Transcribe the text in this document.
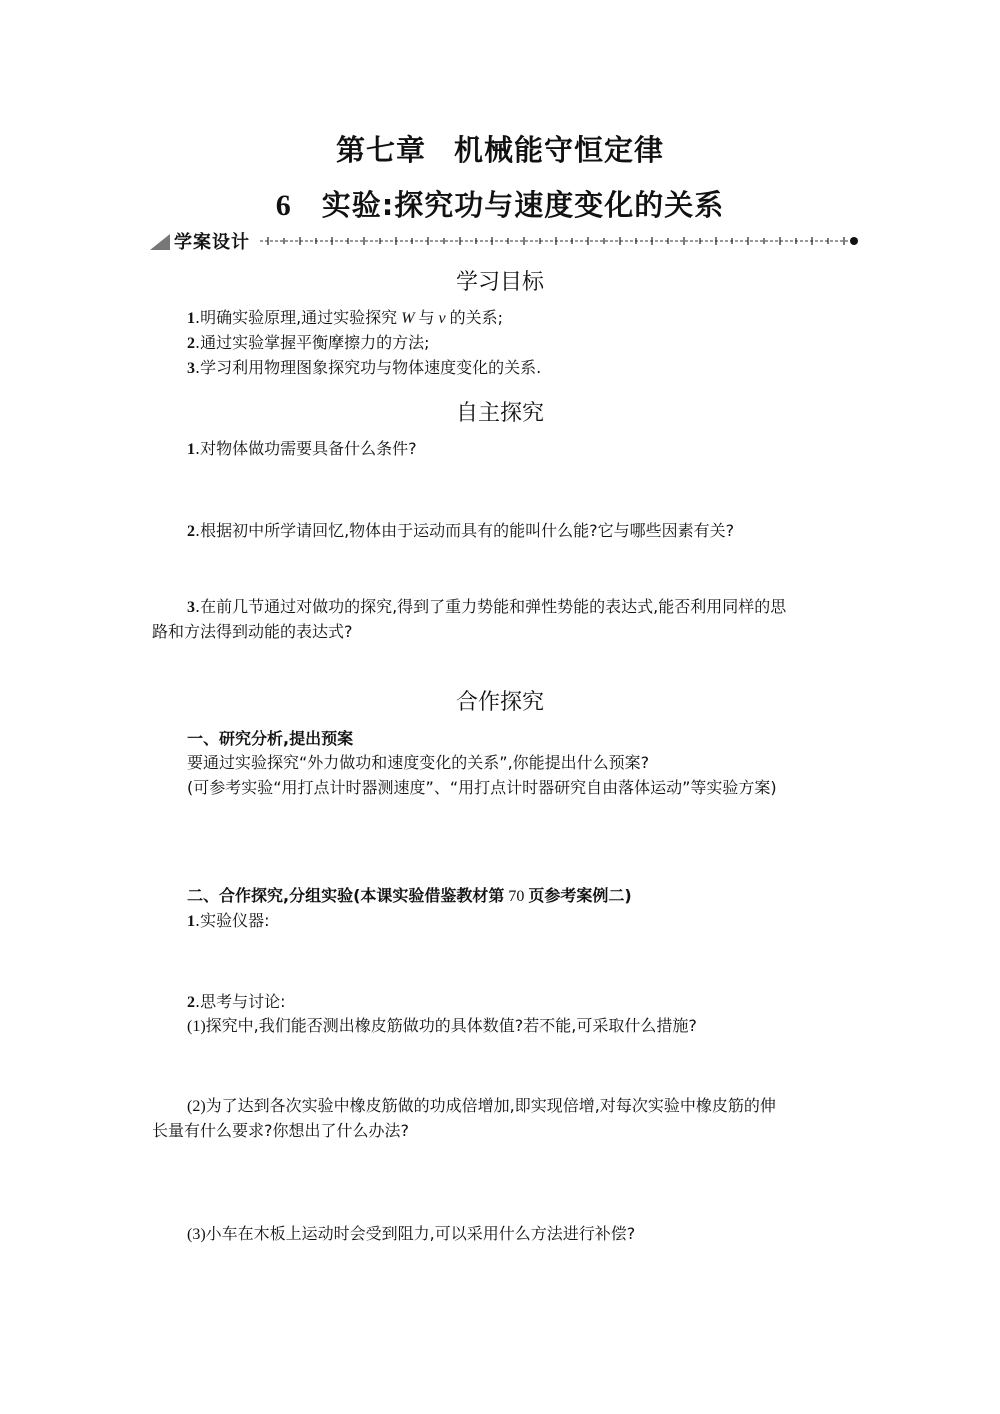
第七章 机械能守恒定律
6 实验:探究功与速度变化的关系
学案设计
学习目标
1.明确实验原理,通过实验探究 W 与 v 的关系;
2.通过实验掌握平衡摩擦力的方法;
3.学习利用物理图象探究功与物体速度变化的关系.
自主探究
1.对物体做功需要具备什么条件?
2.根据初中所学请回忆,物体由于运动而具有的能叫什么能?它与哪些因素有关?
3.在前几节通过对做功的探究,得到了重力势能和弹性势能的表达式,能否利用同样的思
路和方法得到动能的表达式?
合作探究
一、研究分析,提出预案
要通过实验探究“外力做功和速度变化的关系”,你能提出什么预案?
(可参考实验“用打点计时器测速度”、“用打点计时器研究自由落体运动”等实验方案)
二、合作探究,分组实验(本课实验借鉴教材第 70 页参考案例二)
1.实验仪器:
2.思考与讨论:
(1)探究中,我们能否测出橡皮筋做功的具体数值?若不能,可采取什么措施?
(2)为了达到各次实验中橡皮筋做的功成倍增加,即实现倍增,对每次实验中橡皮筋的伸
长量有什么要求?你想出了什么办法?
(3)小车在木板上运动时会受到阻力,可以采用什么方法进行补偿?
